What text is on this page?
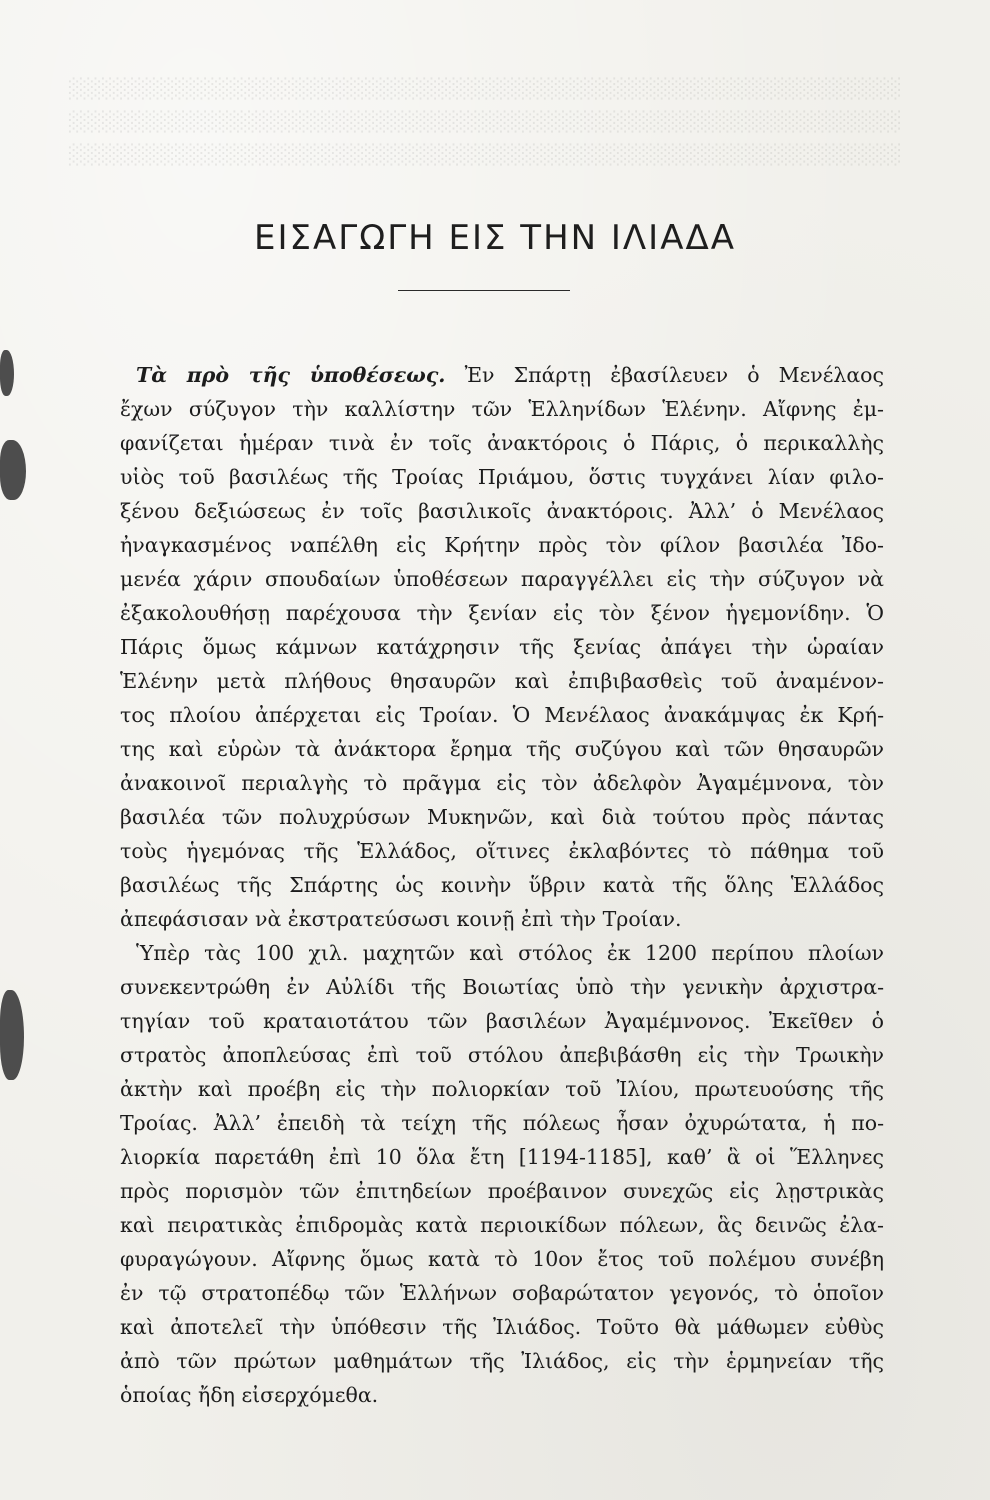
░░░░░░░░░░░░░░░░░░░░░░░░░░░░░░░░░░░░░░░░░░░░░░░░░░░░░░░░░
░░░░░░░░░░░░░░░░░░░░░░░░░░░░░░░░░░░░░░░░░░░░░░░░░░░░░░░░░
░░░░░░░░░░░░░░░░░░░░░░░░░░░░░░░░░░░░░░░░░░░░░░░░░░░░░░░░░

ΕΙΣΑΓΩΓΗ ΕΙΣ ΤΗΝ ΙΛΙΑΔΑ
Τὰ πρὸ τῆς ὑποθέσεως. Ἐν Σπάρτῃ ἐβασίλευεν ὁ Μενέλαος
ἔχων σύζυγον τὴν καλλίστην τῶν Ἑλληνίδων Ἑλένην. Αἴφνης ἐμ-
φανίζεται ἡμέραν τινὰ ἐν τοῖς ἀνακτόροις ὁ Πάρις, ὁ περικαλλὴς
υἱὸς τοῦ βασιλέως τῆς Τροίας Πριάμου, ὅστις τυγχάνει λίαν φιλο-
ξένου δεξιώσεως ἐν τοῖς βασιλικοῖς ἀνακτόροις. Ἀλλ’ ὁ Μενέλαος
ἠναγκασμένος ναπέλθη εἰς Κρήτην πρὸς τὸν φίλον βασιλέα Ἰδο-
μενέα χάριν σπουδαίων ὑποθέσεων παραγγέλλει εἰς τὴν σύζυγον νὰ
ἐξακολουθήσῃ παρέχουσα τὴν ξενίαν εἰς τὸν ξένον ἡγεμονίδην. Ὁ
Πάρις ὅμως κάμνων κατάχρησιν τῆς ξενίας ἀπάγει τὴν ὡραίαν
Ἑλένην μετὰ πλήθους θησαυρῶν καὶ ἐπιβιβασθεὶς τοῦ ἀναμένον-
τος πλοίου ἀπέρχεται εἰς Τροίαν. Ὁ Μενέλαος ἀνακάμψας ἐκ Κρή-
της καὶ εὑρὼν τὰ ἀνάκτορα ἔρημα τῆς συζύγου καὶ τῶν θησαυρῶν
ἀνακοινοῖ περιαλγὴς τὸ πρᾶγμα εἰς τὸν ἀδελφὸν Ἀγαμέμνονα, τὸν
βασιλέα τῶν πολυχρύσων Μυκηνῶν, καὶ διὰ τούτου πρὸς πάντας
τοὺς ἡγεμόνας τῆς Ἑλλάδος, οἵτινες ἐκλαβόντες τὸ πάθημα τοῦ
βασιλέως τῆς Σπάρτης ὡς κοινὴν ὕβριν κατὰ τῆς ὅλης Ἑλλάδος
ἀπεφάσισαν νὰ ἐκστρατεύσωσι κοινῇ ἐπὶ τὴν Τροίαν.
Ὑπὲρ τὰς 100 χιλ. μαχητῶν καὶ στόλος ἐκ 1200 περίπου πλοίων
συνεκεντρώθη ἐν Αὐλίδι τῆς Βοιωτίας ὑπὸ τὴν γενικὴν ἀρχιστρα-
τηγίαν τοῦ κραταιοτάτου τῶν βασιλέων Ἀγαμέμνονος. Ἐκεῖθεν ὁ
στρατὸς ἀποπλεύσας ἐπὶ τοῦ στόλου ἀπεβιβάσθη εἰς τὴν Τρωικὴν
ἀκτὴν καὶ προέβη εἰς τὴν πολιορκίαν τοῦ Ἰλίου, πρωτευούσης τῆς
Τροίας. Ἀλλ’ ἐπειδὴ τὰ τείχη τῆς πόλεως ἦσαν ὀχυρώτατα, ἡ πο-
λιορκία παρετάθη ἐπὶ 10 ὅλα ἔτη [1194-1185], καθ’ ἃ οἱ Ἕλληνες
πρὸς πορισμὸν τῶν ἐπιτηδείων προέβαινον συνεχῶς εἰς λῃστρικὰς
καὶ πειρατικὰς ἐπιδρομὰς κατὰ περιοικίδων πόλεων, ἃς δεινῶς ἐλα-
φυραγώγουν. Αἴφνης ὅμως κατὰ τὸ 10ον ἔτος τοῦ πολέμου συνέβη
ἐν τῷ στρατοπέδῳ τῶν Ἑλλήνων σοβαρώτατον γεγονός, τὸ ὁποῖον
καὶ ἀποτελεῖ τὴν ὑπόθεσιν τῆς Ἰλιάδος. Τοῦτο θὰ μάθωμεν εὐθὺς
ἀπὸ τῶν πρώτων μαθημάτων τῆς Ἰλιάδος, εἰς τὴν ἑρμηνείαν τῆς
ὁποίας ἤδη εἰσερχόμεθα.
